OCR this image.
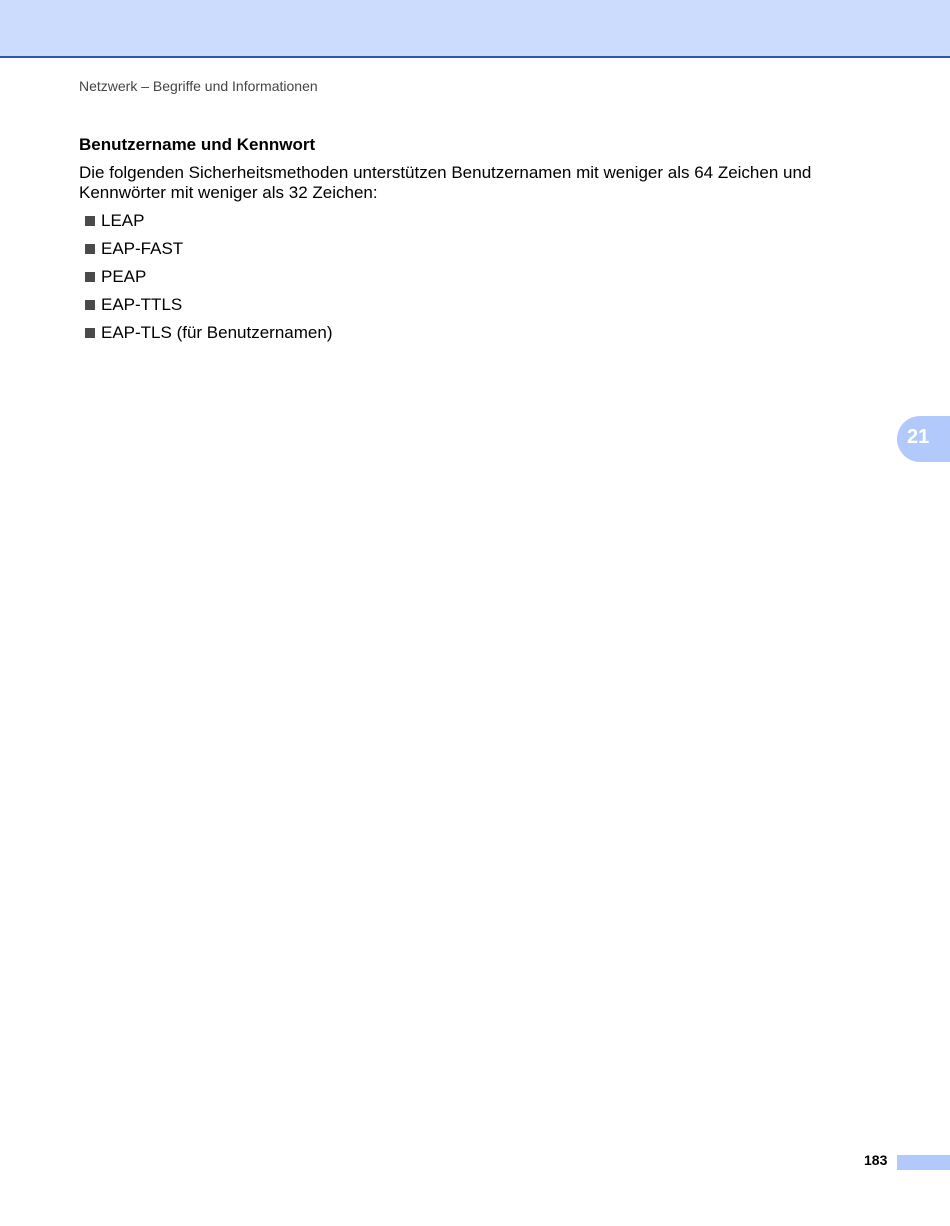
Netzwerk – Begriffe und Informationen
Benutzername und Kennwort

Die folgenden Sicherheitsmethoden unterstützen Benutzernamen mit weniger als 64 Zeichen und
Kennwörter mit weniger als 32 Zeichen:

LEAP
EAP-FAST
PEAP
EAP-TTLS
EAP-TLS (für Benutzernamen)
21
183
